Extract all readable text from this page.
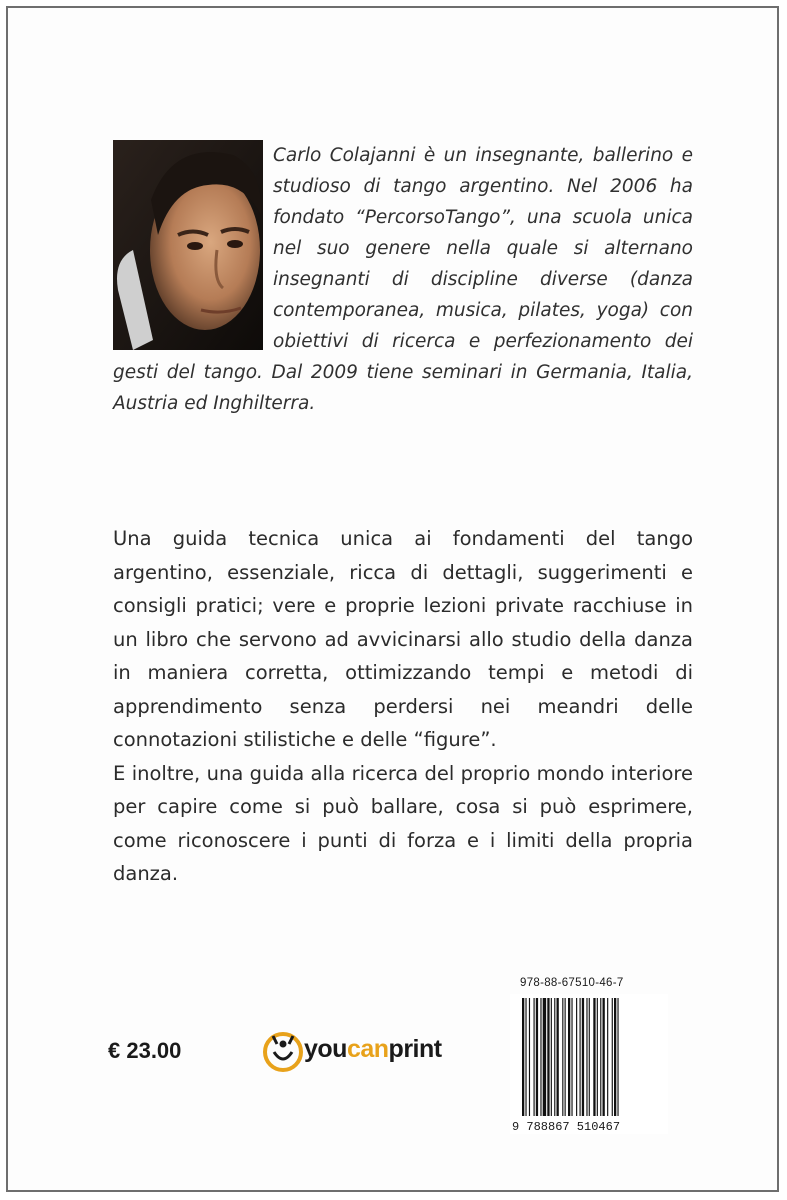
Carlo Colajanni è un insegnante, ballerino e studioso di tango argentino. Nel 2006 ha fondato “PercorsoTango”, una scuola unica nel suo genere nella quale si alternano insegnanti di discipline diverse (danza contemporanea, musica, pilates, yoga) con obiettivi di ricerca e perfezionamento dei gesti del tango. Dal 2009 tiene seminari in Germania, Italia, Austria ed Inghilterra.

Una guida tecnica unica ai fondamenti del tango argentino, essenziale, ricca di dettagli, suggerimenti e consigli pratici; vere e proprie lezioni private racchiuse in un libro che servono ad avvicinarsi allo studio della danza in maniera corretta, ottimizzando tempi e metodi di apprendimento senza perdersi nei meandri delle connotazioni stilistiche e delle “figure”.

E inoltre, una guida alla ricerca del proprio mondo interiore per capire come si può ballare, cosa si può esprimere, come riconoscere i punti di forza e i limiti della propria danza.

€ 23.00	youcanprint
978-88-67510-46-7
9 788867 510467
